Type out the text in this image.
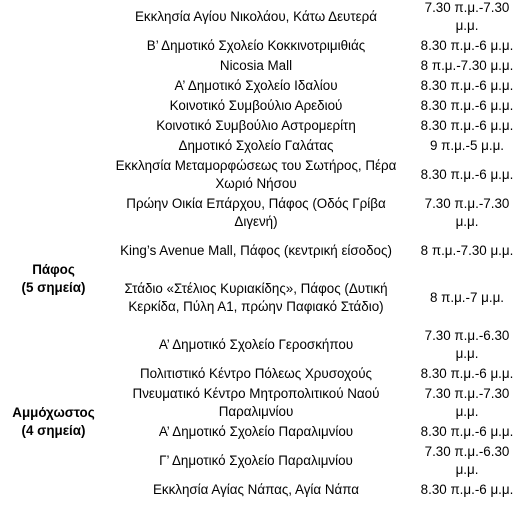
	Εκκλησία Αγίου Νικολάου, Κάτω Δευτερά	7.30 π.μ.-7.30
μ.μ.

	Β’ Δημοτικό Σχολείο Κοκκινοτριμιθιάς	8.30 π.μ.-6 μ.μ.
	Nicosia Mall	8 π.μ.-7.30 μ.μ.
	Α’ Δημοτικό Σχολείο Ιδαλίου	8.30 π.μ.-6 μ.μ.
	Κοινοτικό Συμβούλιο Αρεδιού	8.30 π.μ.-6 μ.μ.
	Κοινοτικό Συμβούλιο Αστρομερίτη	8.30 π.μ.-6 μ.μ.
	Δημοτικό Σχολείο Γαλάτας	9 π.μ.-5 μ.μ.
	Εκκλησία Μεταμορφώσεως του Σωτήρος, Πέρα Χωριό Νήσου	8.30 π.μ.-6 μ.μ.

Πάφος
(5 σημεία)	Πρώην Οικία Επάρχου, Πάφος (Οδός Γρίβα Διγενή)	7.30 π.μ.-7.30
μ.μ.

	King’s Avenue Mall, Πάφος (κεντρική είσοδος)	8 π.μ.-7.30 μ.μ.
	Στάδιο «Στέλιος Κυριακίδης», Πάφος (Δυτική Κερκίδα, Πύλη Α1, πρώην Παφιακό Στάδιο)	8 π.μ.-7 μ.μ.
	Α’ Δημοτικό Σχολείο Γεροσκήπου	7.30 π.μ.-6.30
μ.μ.

Αμμόχωστος
(4 σημεία)	Πολιτιστικό Κέντρο Πόλεως Χρυσοχούς	8.30 π.μ.-6 μ.μ.
	Πνευματικό Κέντρο Μητροπολιτικού Ναού Παραλιμνίου	7.30 π.μ.-7.30
μ.μ.

	Α’ Δημοτικό Σχολείο Παραλιμνίου	8.30 π.μ.-6 μ.μ.
	Γ’ Δημοτικό Σχολείο Παραλιμνίου	7.30 π.μ.-6.30
μ.μ.

	Εκκλησία Αγίας Νάπας, Αγία Νάπα	8.30 π.μ.-6 μ.μ.
